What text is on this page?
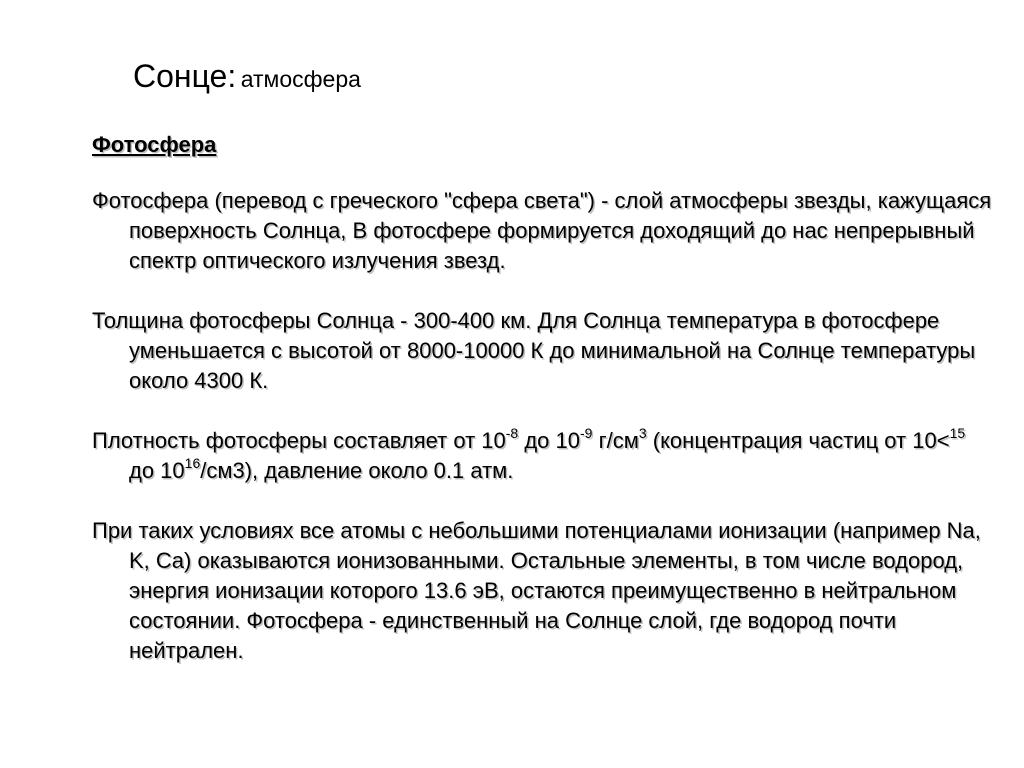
Сонце: атмосфера
Фотосфера

Фотосфера (перевод с греческого "сфера света") - слой атмосферы звезды, кажущаяся поверхность Солнца, В фотосфере формируется доходящий до нас непрерывный спектр оптического излучения звезд.

Толщина фотосферы Солнца - 300-400 км. Для Солнца температура в фотосфере уменьшается с высотой от 8000-10000 К до минимальной на Солнце температуры около 4300 К.

Плотность фотосферы составляет от $10^{-8}$ до $10^{-9}$ $г/см^3$ (концентрация частиц от 10<$^{15}$ до $10^{16}/см3$), давление около 0.1 атм.

При таких условиях все атомы с небольшими потенциалами ионизации (например Na, K, Ca) оказываются ионизованными. Остальные элементы, в том числе водород, энергия ионизации которого 13.6 эВ, остаются преимущественно в нейтральном состоянии. Фотосфера - единственный на Солнце слой, где водород почти нейтрален.
